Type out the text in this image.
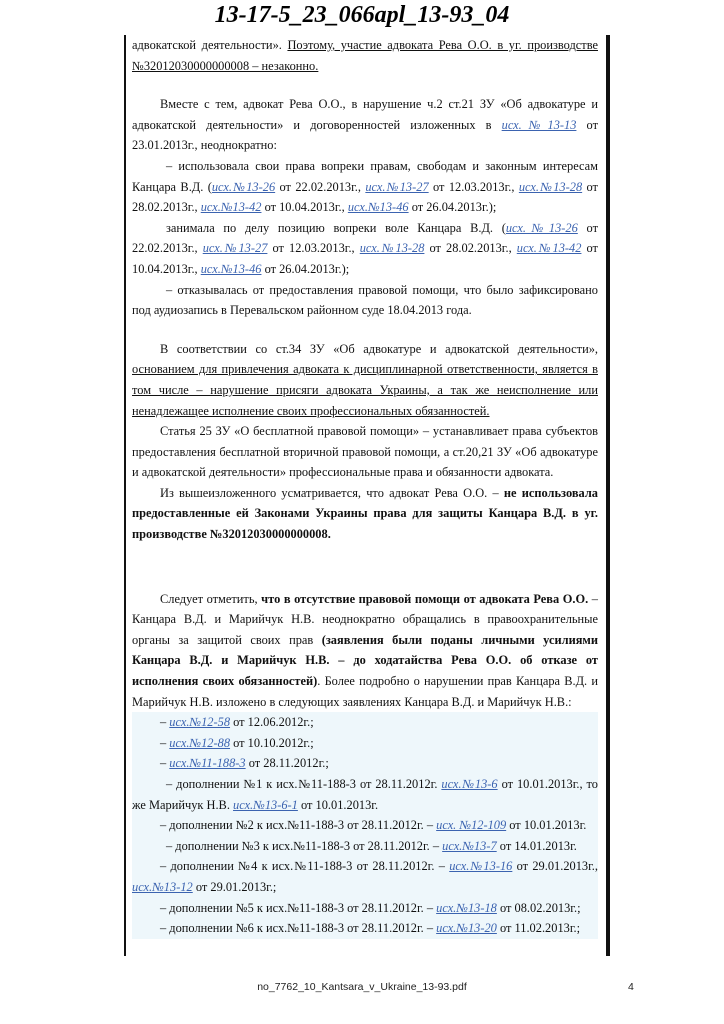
13-17-5_23_066apl_13-93_04

адвокатской деятельности». Поэтому, участие адвоката Рева О.О. в уг. производстве №32012030000000008 – незаконно.

Вместе с тем, адвокат Рева О.О., в нарушение ч.2 ст.21 ЗУ «Об адвокатуре и адвокатской деятельности» и договоренностей изложенных в исх.№13-13 от 23.01.2013г., неоднократно:

– использовала свои права вопреки правам, свободам и законным интересам Канцара В.Д. (исх.№13-26 от 22.02.2013г., исх.№13-27 от 12.03.2013г., исх.№13-28 от 28.02.2013г., исх.№13-42 от 10.04.2013г., исх.№13-46 от 26.04.2013г.);

занимала по делу позицию вопреки воле Канцара В.Д. (исх.№13-26 от 22.02.2013г., исх.№13-27 от 12.03.2013г., исх.№13-28 от 28.02.2013г., исх.№13-42 от 10.04.2013г., исх.№13-46 от 26.04.2013г.);

– отказывалась от предоставления правовой помощи, что было зафиксировано под аудиозапись в Перевальском районном суде 18.04.2013 года.

В соответствии со ст.34 ЗУ «Об адвокатуре и адвокатской деятельности», основанием для привлечения адвоката к дисциплинарной ответственности, является в том числе – нарушение присяги адвоката Украины, а так же неисполнение или ненадлежащее исполнение своих профессиональных обязанностей.

Статья 25 ЗУ «О бесплатной правовой помощи» – устанавливает права субъектов предоставления бесплатной вторичной правовой помощи, а ст.20,21 ЗУ «Об адвокатуре и адвокатской деятельности» профессиональные права и обязанности адвоката.

Из вышеизложенного усматривается, что адвокат Рева О.О. – не использовала предоставленные ей Законами Украины права для защиты Канцара В.Д. в уг. производстве №32012030000000008.

Следует отметить, что в отсутствие правовой помощи от адвоката Рева О.О. –Канцара В.Д. и Марийчук Н.В. неоднократно обращались в правоохранительные органы за защитой своих прав (заявления были поданы личными усилиями Канцара В.Д. и Марийчук Н.В. – до ходатайства Рева О.О. об отказе от исполнения своих обязанностей). Более подробно о нарушении прав Канцара В.Д. и Марийчук Н.В. изложено в следующих заявлениях Канцара В.Д. и Марийчук Н.В.:

– исх.№12-58 от 12.06.2012г.;

– исх.№12-88 от 10.10.2012г.;

– исх.№11-188-3 от 28.11.2012г.;

– дополнении №1 к исх.№11-188-3 от 28.11.2012г. исх.№13-6 от 10.01.2013г., то же Марийчук Н.В. исх.№13-6-1 от 10.01.2013г.

– дополнении №2 к исх.№11-188-3 от 28.11.2012г. – исх. №12-109 от 10.01.2013г.

– дополнении №3 к исх.№11-188-3 от 28.11.2012г. – исх.№13-7 от 14.01.2013г.

– дополнении №4 к исх.№11-188-3 от 28.11.2012г. – исх.№13-16 от 29.01.2013г., исх.№13-12 от 29.01.2013г.;

– дополнении №5 к исх.№11-188-3 от 28.11.2012г. – исх.№13-18 от 08.02.2013г.;

– дополнении №6 к исх.№11-188-3 от 28.11.2012г. – исх.№13-20 от 11.02.2013г.;

no_7762_10_Kantsara_v_Ukraine_13-93.pdf	4
